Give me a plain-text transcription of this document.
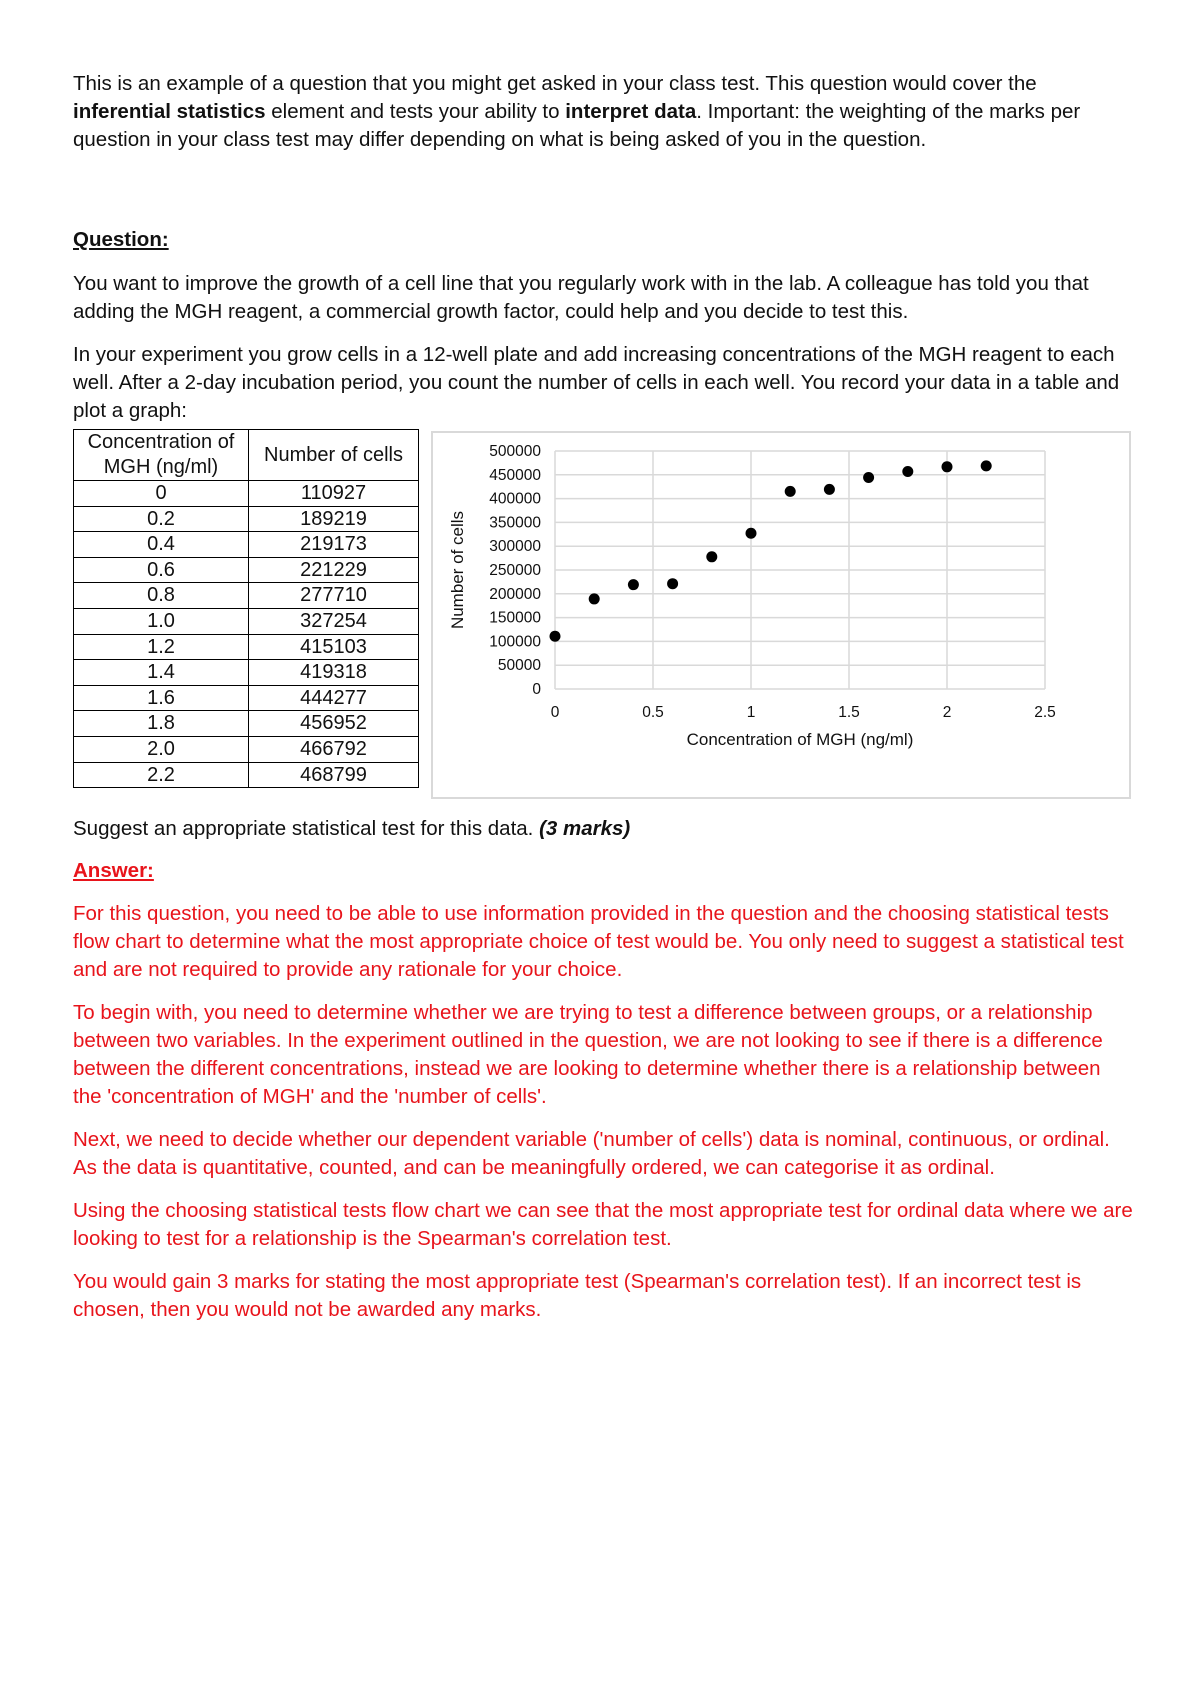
This is an example of a question that you might get asked in your class test. This question would cover the inferential statistics element and tests your ability to interpret data. Important: the weighting of the marks per question in your class test may differ depending on what is being asked of you in the question.

Question:

You want to improve the growth of a cell line that you regularly work with in the lab. A colleague has told you that adding the MGH reagent, a commercial growth factor, could help and you decide to test this.

In your experiment you grow cells in a 12-well plate and add increasing concentrations of the MGH reagent to each well. After a 2-day incubation period, you count the number of cells in each well. You record your data in a table and plot a graph:

Concentration of MGH (ng/ml)	Number of cells
0	110927
0.2	189219
0.4	219173
0.6	221229
0.8	277710
1.0	327254
1.2	415103
1.4	419318
1.6	444277
1.8	456952
2.0	466792
2.2	468799
0
50000
100000
150000
200000
250000
300000
350000
400000
450000
500000
0	0.5	1	1.5	2	2.5
Concentration of MGH (ng/ml)
Number of cells

Suggest an appropriate statistical test for this data. (3 marks)

Answer:

For this question, you need to be able to use information provided in the question and the choosing statistical tests flow chart to determine what the most appropriate choice of test would be. You only need to suggest a statistical test and are not required to provide any rationale for your choice.

To begin with, you need to determine whether we are trying to test a difference between groups, or a relationship between two variables. In the experiment outlined in the question, we are not looking to see if there is a difference between the different concentrations, instead we are looking to determine whether there is a relationship between the 'concentration of MGH' and the 'number of cells'.

Next, we need to decide whether our dependent variable ('number of cells') data is nominal, continuous, or ordinal. As the data is quantitative, counted, and can be meaningfully ordered, we can categorise it as ordinal.

Using the choosing statistical tests flow chart we can see that the most appropriate test for ordinal data where we are looking to test for a relationship is the Spearman's correlation test.

You would gain 3 marks for stating the most appropriate test (Spearman's correlation test). If an incorrect test is chosen, then you would not be awarded any marks.
